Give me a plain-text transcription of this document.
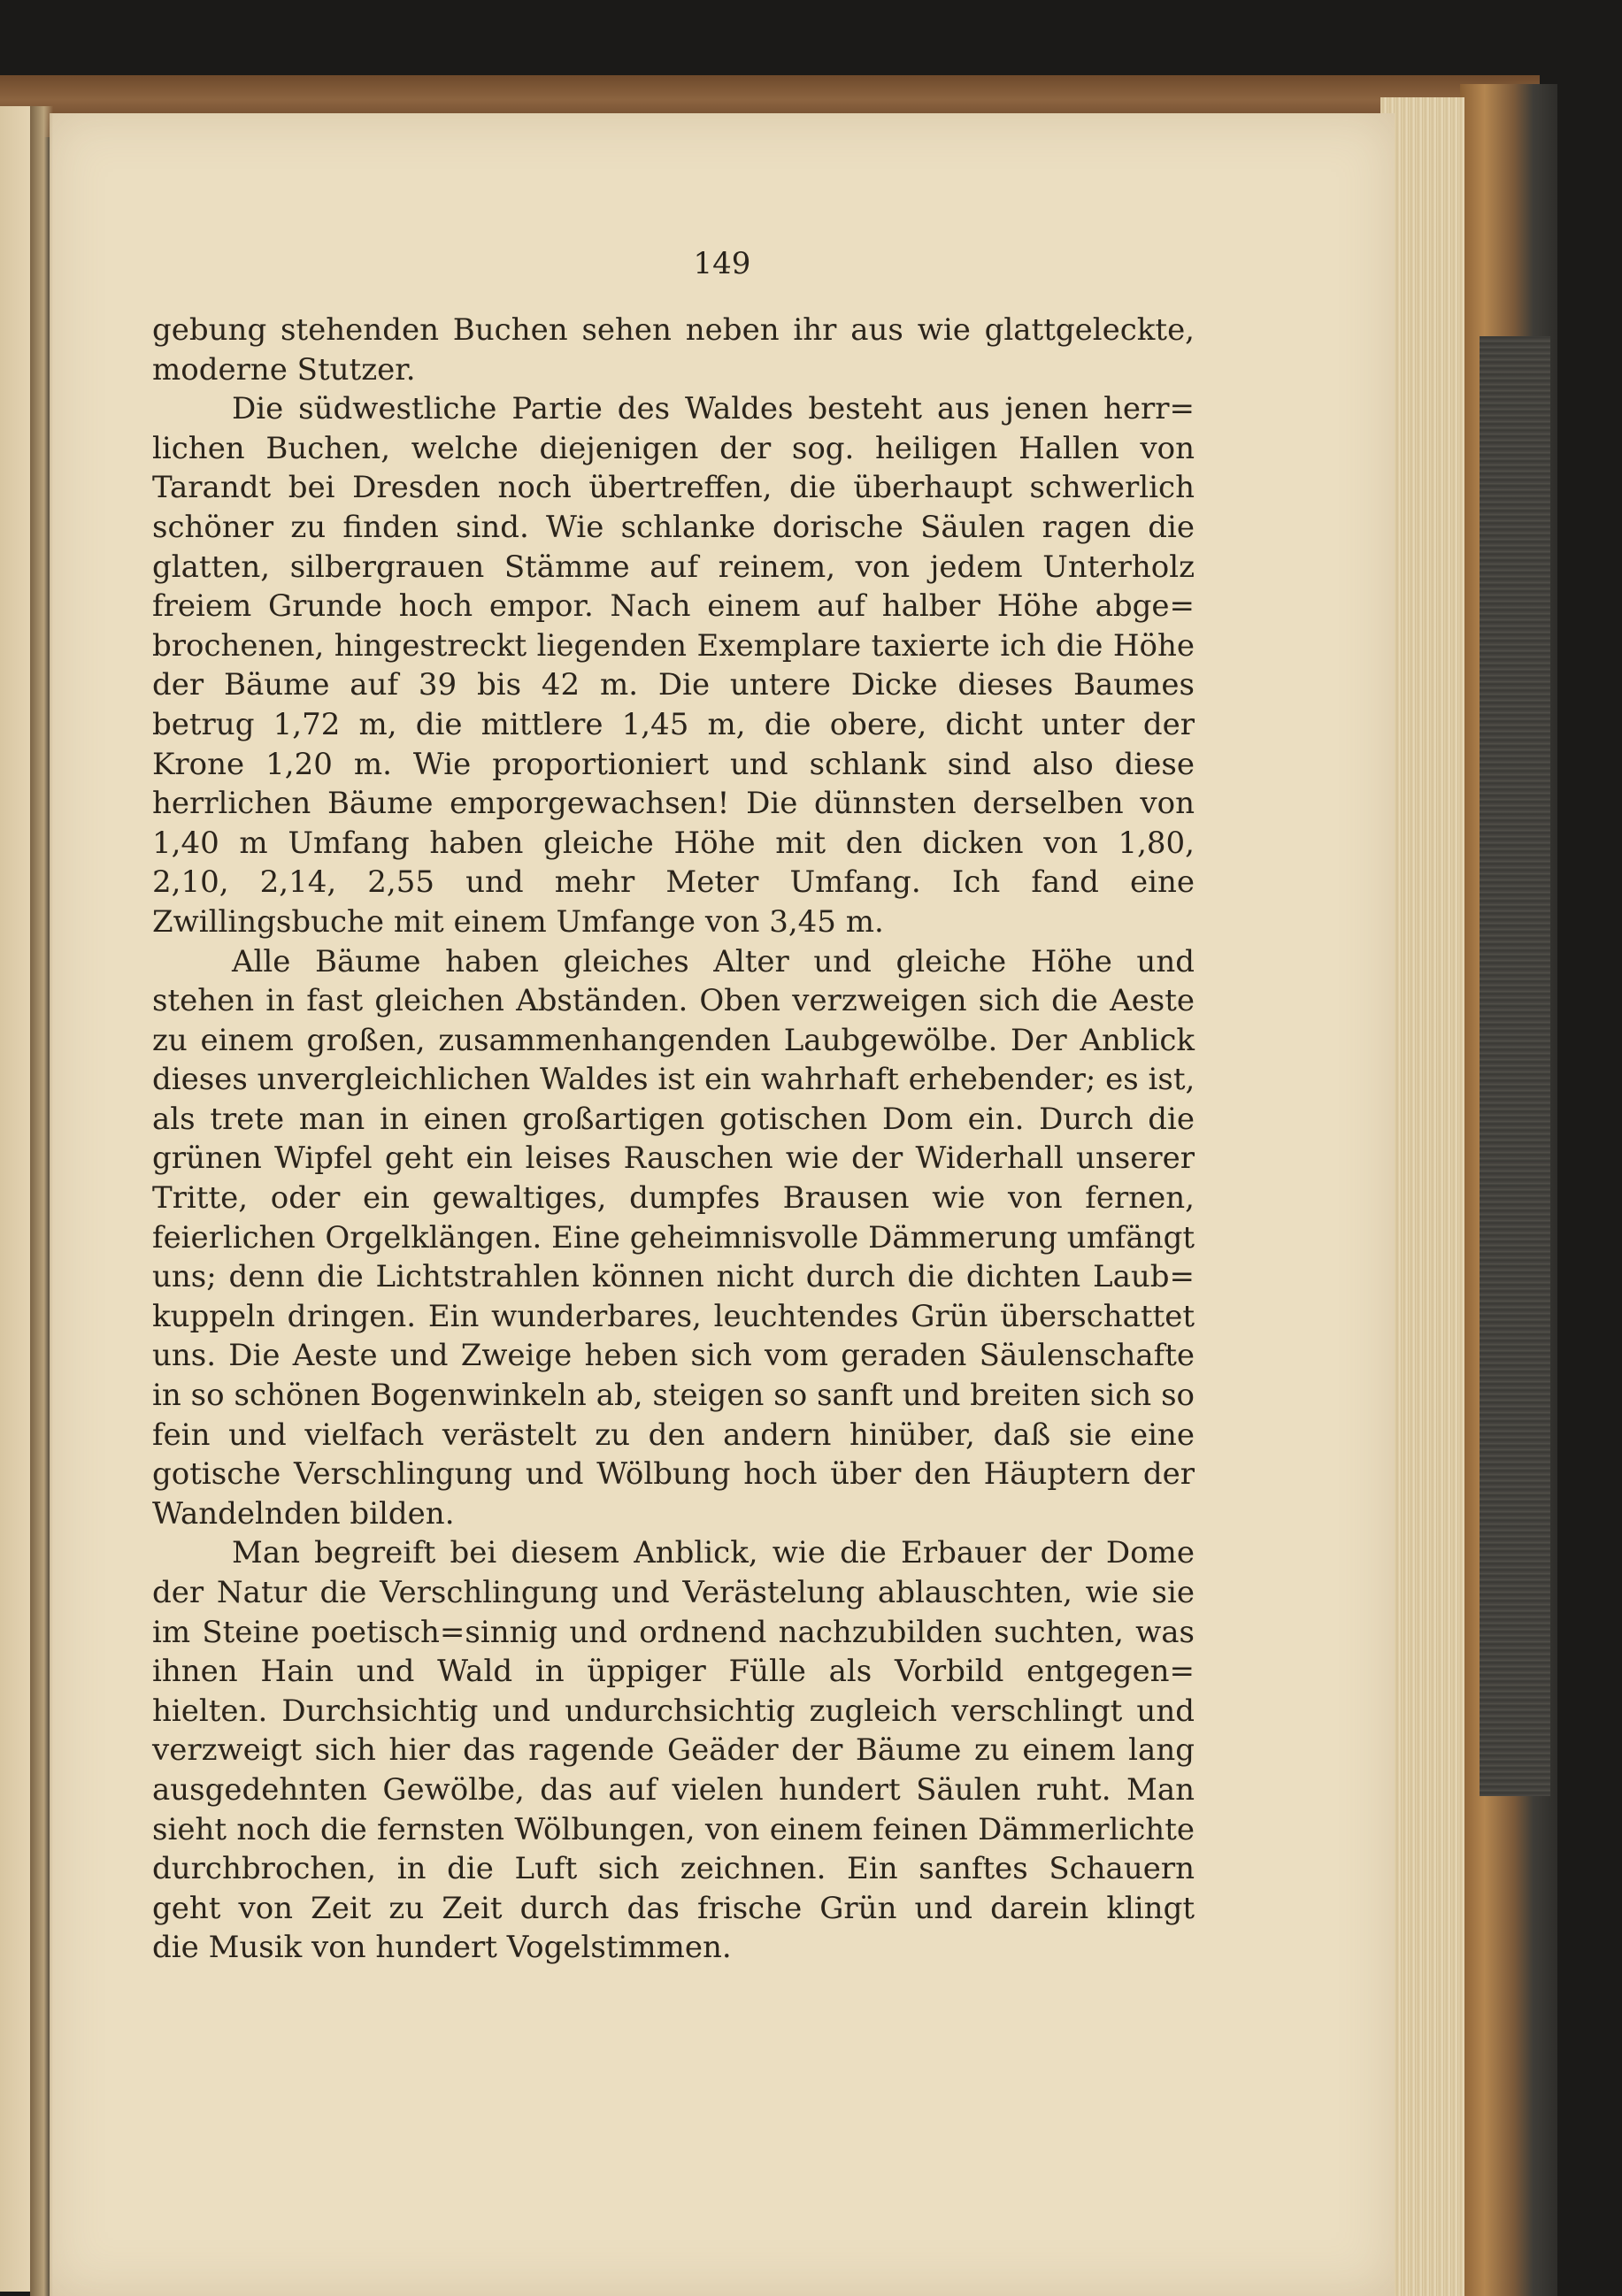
149
gebung stehenden Buchen sehen neben ihr aus wie glattgeleckte,
moderne Stutzer.
Die südwestliche Partie des Waldes besteht aus jenen herr=
lichen Buchen, welche diejenigen der sog. heiligen Hallen von
Tarandt bei Dresden noch übertreffen, die überhaupt schwerlich
schöner zu finden sind. Wie schlanke dorische Säulen ragen die
glatten, silbergrauen Stämme auf reinem, von jedem Unterholz
freiem Grunde hoch empor. Nach einem auf halber Höhe abge=
brochenen, hingestreckt liegenden Exemplare taxierte ich die Höhe
der Bäume auf 39 bis 42 m. Die untere Dicke dieses Baumes
betrug 1,72 m, die mittlere 1,45 m, die obere, dicht unter der
Krone 1,20 m. Wie proportioniert und schlank sind also diese
herrlichen Bäume emporgewachsen! Die dünnsten derselben von
1,40 m Umfang haben gleiche Höhe mit den dicken von 1,80,
2,10, 2,14, 2,55 und mehr Meter Umfang. Ich fand eine
Zwillingsbuche mit einem Umfange von 3,45 m.
Alle Bäume haben gleiches Alter und gleiche Höhe und
stehen in fast gleichen Abständen. Oben verzweigen sich die Aeste
zu einem großen, zusammenhangenden Laubgewölbe. Der Anblick
dieses unvergleichlichen Waldes ist ein wahrhaft erhebender; es ist,
als trete man in einen großartigen gotischen Dom ein. Durch die
grünen Wipfel geht ein leises Rauschen wie der Widerhall unserer
Tritte, oder ein gewaltiges, dumpfes Brausen wie von fernen,
feierlichen Orgelklängen. Eine geheimnisvolle Dämmerung umfängt
uns; denn die Lichtstrahlen können nicht durch die dichten Laub=
kuppeln dringen. Ein wunderbares, leuchtendes Grün überschattet
uns. Die Aeste und Zweige heben sich vom geraden Säulenschafte
in so schönen Bogenwinkeln ab, steigen so sanft und breiten sich so
fein und vielfach verästelt zu den andern hinüber, daß sie eine
gotische Verschlingung und Wölbung hoch über den Häuptern der
Wandelnden bilden.
Man begreift bei diesem Anblick, wie die Erbauer der Dome
der Natur die Verschlingung und Verästelung ablauschten, wie sie
im Steine poetisch=sinnig und ordnend nachzubilden suchten, was
ihnen Hain und Wald in üppiger Fülle als Vorbild entgegen=
hielten. Durchsichtig und undurchsichtig zugleich verschlingt und
verzweigt sich hier das ragende Geäder der Bäume zu einem lang
ausgedehnten Gewölbe, das auf vielen hundert Säulen ruht. Man
sieht noch die fernsten Wölbungen, von einem feinen Dämmerlichte
durchbrochen, in die Luft sich zeichnen. Ein sanftes Schauern
geht von Zeit zu Zeit durch das frische Grün und darein klingt
die Musik von hundert Vogelstimmen.
